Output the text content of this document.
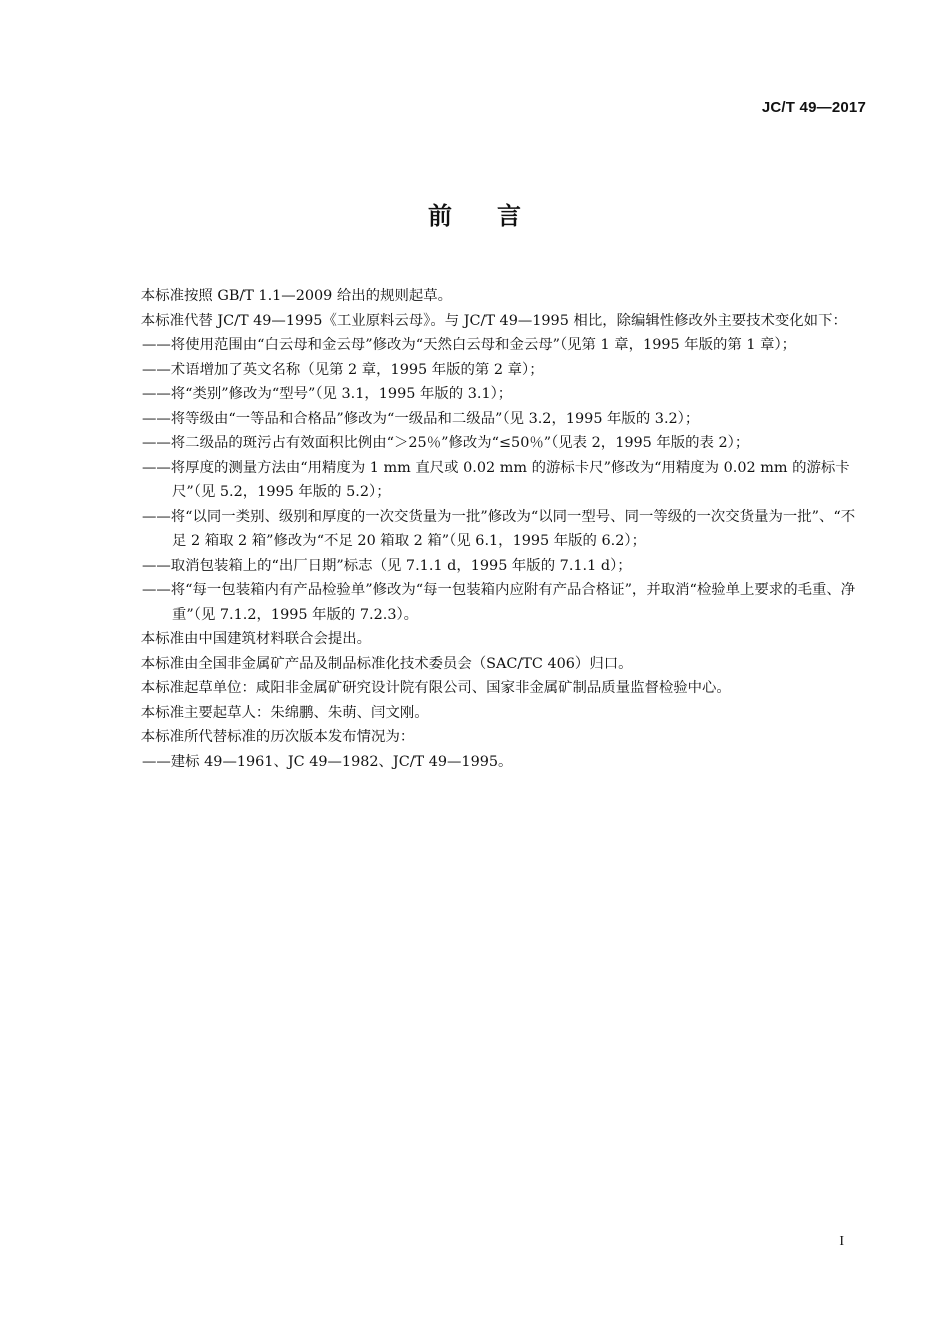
JC/T 49—2017
前 言

本标准按照 GB/T 1.1—2009 给出的规则起草。

本标准代替 JC/T 49—1995《工业原料云母》。与 JC/T 49—1995 相比，除编辑性修改外主要技术变化如下：

——将使用范围由“白云母和金云母”修改为“天然白云母和金云母”（见第 1 章，1995 年版的第 1 章）；

——术语增加了英文名称（见第 2 章，1995 年版的第 2 章）；

——将“类别”修改为“型号”（见 3.1，1995 年版的 3.1）；

——将等级由“一等品和合格品”修改为“一级品和二级品”（见 3.2，1995 年版的 3.2）；

——将二级品的斑污占有效面积比例由“＞25％”修改为“≤50％”（见表 2，1995 年版的表 2）；

——将厚度的测量方法由“用精度为 1 mm 直尺或 0.02 mm 的游标卡尺”修改为“用精度为 0.02 mm 的游标卡尺”（见 5.2，1995 年版的 5.2）；

——将“以同一类别、级别和厚度的一次交货量为一批”修改为“以同一型号、同一等级的一次交货量为一批”、“不足 2 箱取 2 箱”修改为“不足 20 箱取 2 箱”（见 6.1，1995 年版的 6.2）；

——取消包装箱上的“出厂日期”标志（见 7.1.1 d，1995 年版的 7.1.1 d）；

——将“每一包装箱内有产品检验单”修改为“每一包装箱内应附有产品合格证”，并取消“检验单上要求的毛重、净重”（见 7.1.2，1995 年版的 7.2.3）。

本标准由中国建筑材料联合会提出。

本标准由全国非金属矿产品及制品标准化技术委员会（SAC/TC 406）归口。

本标准起草单位：咸阳非金属矿研究设计院有限公司、国家非金属矿制品质量监督检验中心。

本标准主要起草人：朱绵鹏、朱萌、闫文刚。

本标准所代替标准的历次版本发布情况为：

——建标 49—1961、JC 49—1982、JC/T 49—1995。

I
